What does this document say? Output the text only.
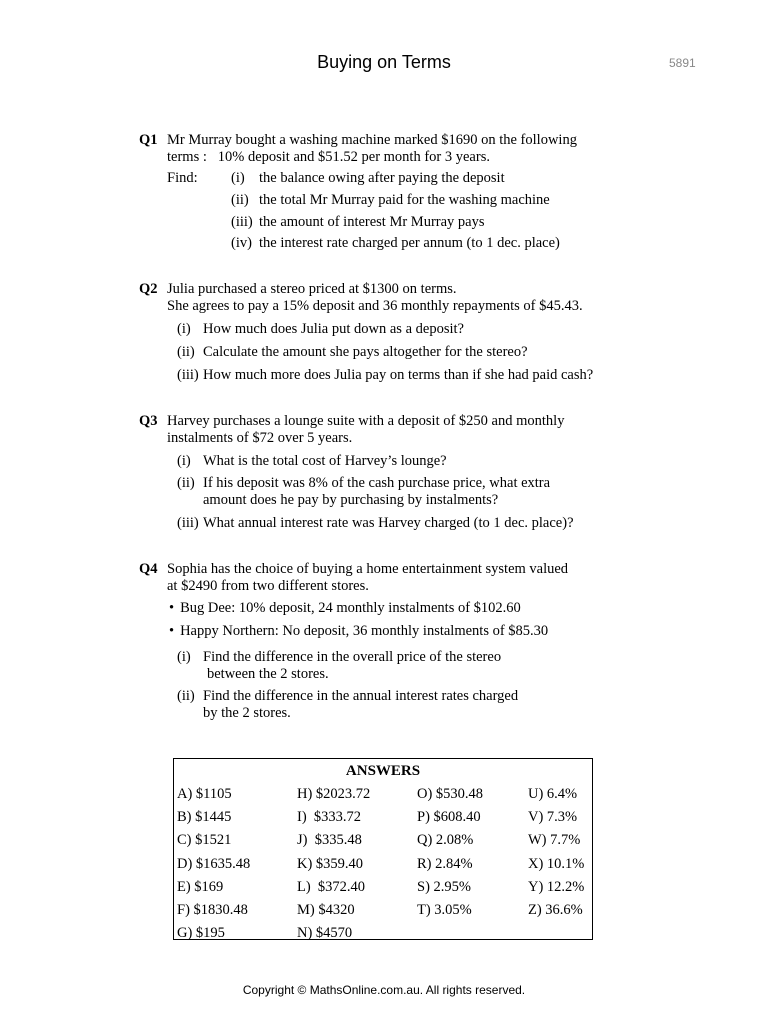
Buying on Terms	5891
Q1 Mr Murray bought a washing machine marked $1690 on the following
terms :   10% deposit and $51.52 per month for 3 years.
Find: (i) the balance owing after paying the deposit
(ii) the total Mr Murray paid for the washing machine
(iii) the amount of interest Mr Murray pays
(iv) the interest rate charged per annum (to 1 dec. place)
Q2 Julia purchased a stereo priced at $1300 on terms.
She agrees to pay a 15% deposit and 36 monthly repayments of $45.43.
(i) How much does Julia put down as a deposit?
(ii) Calculate the amount she pays altogether for the stereo?
(iii) How much more does Julia pay on terms than if she had paid cash?
Q3 Harvey purchases a lounge suite with a deposit of $250 and monthly
instalments of $72 over 5 years.
(i) What is the total cost of Harvey’s lounge?
(ii) If his deposit was 8% of the cash purchase price, what extra
amount does he pay by purchasing by instalments?
(iii) What annual interest rate was Harvey charged (to 1 dec. place)?
Q4 Sophia has the choice of buying a home entertainment system valued
at $2490 from two different stores.
• Bug Dee: 10% deposit, 24 monthly instalments of $102.60
• Happy Northern: No deposit, 36 monthly instalments of $85.30
(i) Find the difference in the overall price of the stereo
between the 2 stores.
(ii) Find the difference in the annual interest rates charged
by the 2 stores.
ANSWERS
A) $1105
B) $1445
C) $1521
D) $1635.48
E) $169
F) $1830.48
G) $195
H) $2023.72
I)  $333.72
J)  $335.48
K) $359.40
L)  $372.40
M) $4320
N) $4570
O) $530.48
P) $608.40
Q) 2.08%
R) 2.84%
S) 2.95%
T) 3.05%
U) 6.4%
V) 7.3%
W) 7.7%
X) 10.1%
Y) 12.2%
Z) 36.6%
Copyright © MathsOnline.com.au. All rights reserved.
